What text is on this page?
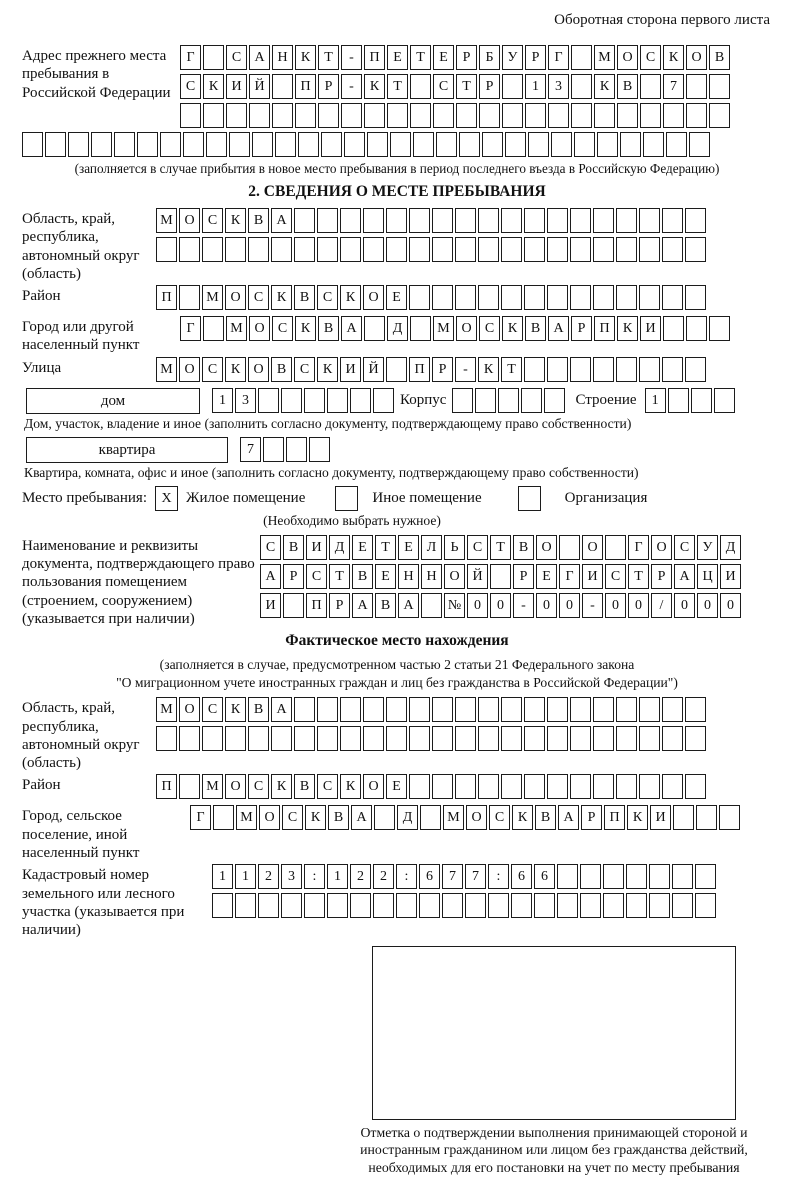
Оборотная сторона первого листа
Адрес прежнего места пребывания в Российской Федерации
Г	С А Н К Т - П Е Т Е Р Б У Р Г	М О С К О В
С К И Й	П Р - К Т	С Т Р	1 3	К В	7
(заполняется в случае прибытия в новое место пребывания в период последнего въезда в Российскую Федерацию)
2. СВЕДЕНИЯ О МЕСТЕ ПРЕБЫВАНИЯ
Область, край, республика, автономный округ (область)
М О С К В А
Район	П М О С К В С К О Е
Город или другой населенный пункт
Г	М О С К В А	Д М О С К В А Р П К И
Улица	М О С К О В С К И Й	П Р - К Т
дом	1 3	Корпус	Строение	1
Дом, участок, владение и иное (заполнить согласно документу, подтверждающему право собственности)
квартира	7
Квартира, комната, офис и иное (заполнить согласно документу, подтверждающему право собственности)
Место пребывания:	X Жилое помещение	Иное помещение	Организация
(Необходимо выбрать нужное)
Наименование и реквизиты документа, подтверждающего право пользования помещением (строением, сооружением) (указывается при наличии)
С В И Д Е Т Е Л Ь С Т В О	О	Г О С У Д
А Р С Т В Е Н Н О Й	Р Е Г И С Т Р А Ц И
И	П Р А В А № 0 0 - 0 0 - 0 0 / 0 0 0
Фактическое место нахождения
(заполняется в случае, предусмотренном частью 2 статьи 21 Федерального закона
"О миграционном учете иностранных граждан и лиц без гражданства в Российской Федерации")
Область, край, республика, автономный округ (область)
М О С К В А
Район	П М О С К В С К О Е
Город, сельское поселение, иной населенный пункт
Г	М О С К В А	Д М О С К В А Р П К И
Кадастровый номер земельного или лесного участка (указывается при наличии)
1 1 2 3 : 1 2 2 : 6 7 7 : 6 6
Отметка о подтверждении выполнения принимающей стороной и иностранным гражданином или лицом без гражданства действий, необходимых для его постановки на учет по месту пребывания
